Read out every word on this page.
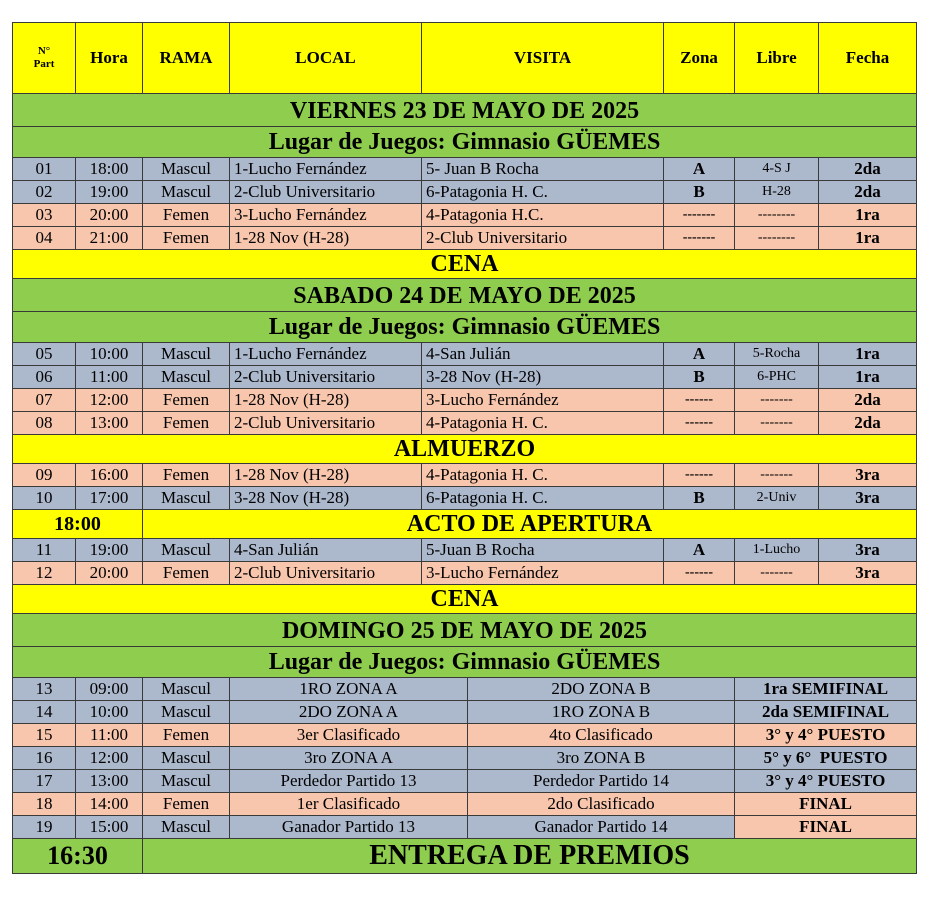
N°
Part	Hora	RAMA	LOCAL	VISITA		Zona	Libre	Fecha
VIERNES 23 DE MAYO DE 2025								
Lugar de Juegos: Gimnasio GÜEMES								
01	18:00	Mascul	1-Lucho Fernández	5- Juan B Rocha		A	4-S J	2da
02	19:00	Mascul	2-Club Universitario	6-Patagonia H. C.		B	H-28	2da
03	20:00	Femen	3-Lucho Fernández	4-Patagonia H.C.		-------	--------	1ra
04	21:00	Femen	1-28 Nov (H-28)	2-Club Universitario		-------	--------	1ra
CENA								
SABADO 24 DE MAYO DE 2025								
Lugar de Juegos: Gimnasio GÜEMES								
05	10:00	Mascul	1-Lucho Fernández	4-San Julián		A	5-Rocha	1ra
06	11:00	Mascul	2-Club Universitario	3-28 Nov (H-28)		B	6-PHC	1ra
07	12:00	Femen	1-28 Nov (H-28)	3-Lucho Fernández		------	-------	2da
08	13:00	Femen	2-Club Universitario	4-Patagonia H. C.		------	-------	2da
ALMUERZO								
09	16:00	Femen	1-28 Nov (H-28)	4-Patagonia H. C.		------	-------	3ra
10	17:00	Mascul	3-28 Nov (H-28)	6-Patagonia H. C.		B	2-Univ	3ra
18:00		ACTO DE APERTURA						
11	19:00	Mascul	4-San Julián	5-Juan B Rocha		A	1-Lucho	3ra
12	20:00	Femen	2-Club Universitario	3-Lucho Fernández		------	-------	3ra
CENA								
DOMINGO 25 DE MAYO DE 2025								
Lugar de Juegos: Gimnasio GÜEMES								
13	09:00	Mascul	1RO ZONA A		2DO ZONA B		1ra SEMIFINAL	
14	10:00	Mascul	2DO ZONA A		1RO ZONA B		2da SEMIFINAL	
15	11:00	Femen	3er Clasificado		4to Clasificado		3° y 4° PUESTO	
16	12:00	Mascul	3ro ZONA A		3ro ZONA B		5° y 6°  PUESTO	
17	13:00	Mascul	Perdedor Partido 13		Perdedor Partido 14		3° y 4° PUESTO	
18	14:00	Femen	1er Clasificado		2do Clasificado		FINAL	
19	15:00	Mascul	Ganador Partido 13		Ganador Partido 14		FINAL	
16:30		ENTREGA DE PREMIOS						
